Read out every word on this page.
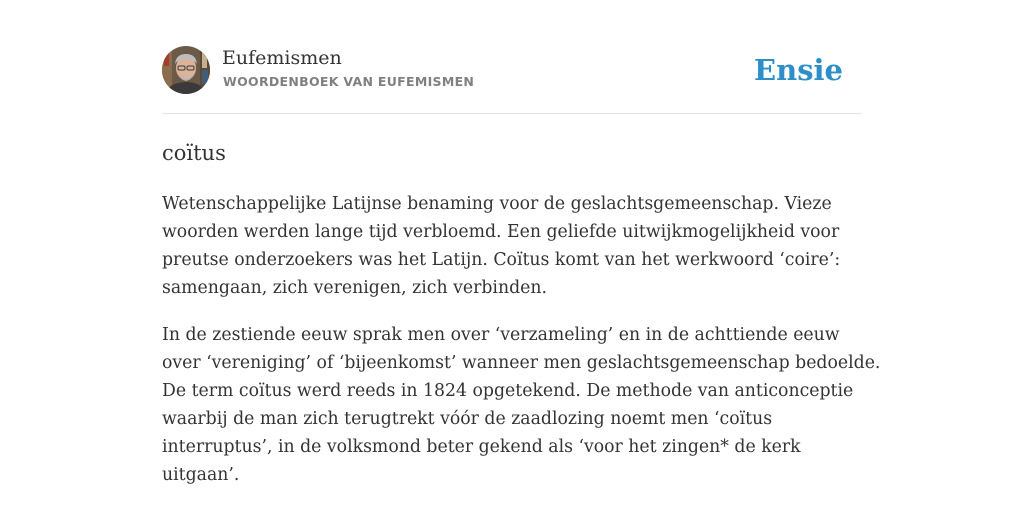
Eufemismen
WOORDENBOEK VAN EUFEMISMEN	Ensie
coïtus

Wetenschappelijke Latijnse benaming voor de geslachtsgemeenschap. Vieze
woorden werden lange tijd verbloemd. Een geliefde uitwijkmogelijkheid voor
preutse onderzoekers was het Latijn. Coïtus komt van het werkwoord ‘coire’:
samengaan, zich verenigen, zich verbinden.

In de zestiende eeuw sprak men over ‘verzameling’ en in de achttiende eeuw
over ‘vereniging’ of ‘bijeenkomst’ wanneer men geslachtsgemeenschap bedoelde.
De term coïtus werd reeds in 1824 opgetekend. De methode van anticonceptie
waarbij de man zich terugtrekt vóór de zaadlozing noemt men ‘coïtus
interruptus’, in de volksmond beter gekend als ‘voor het zingen* de kerk
uitgaan’.
